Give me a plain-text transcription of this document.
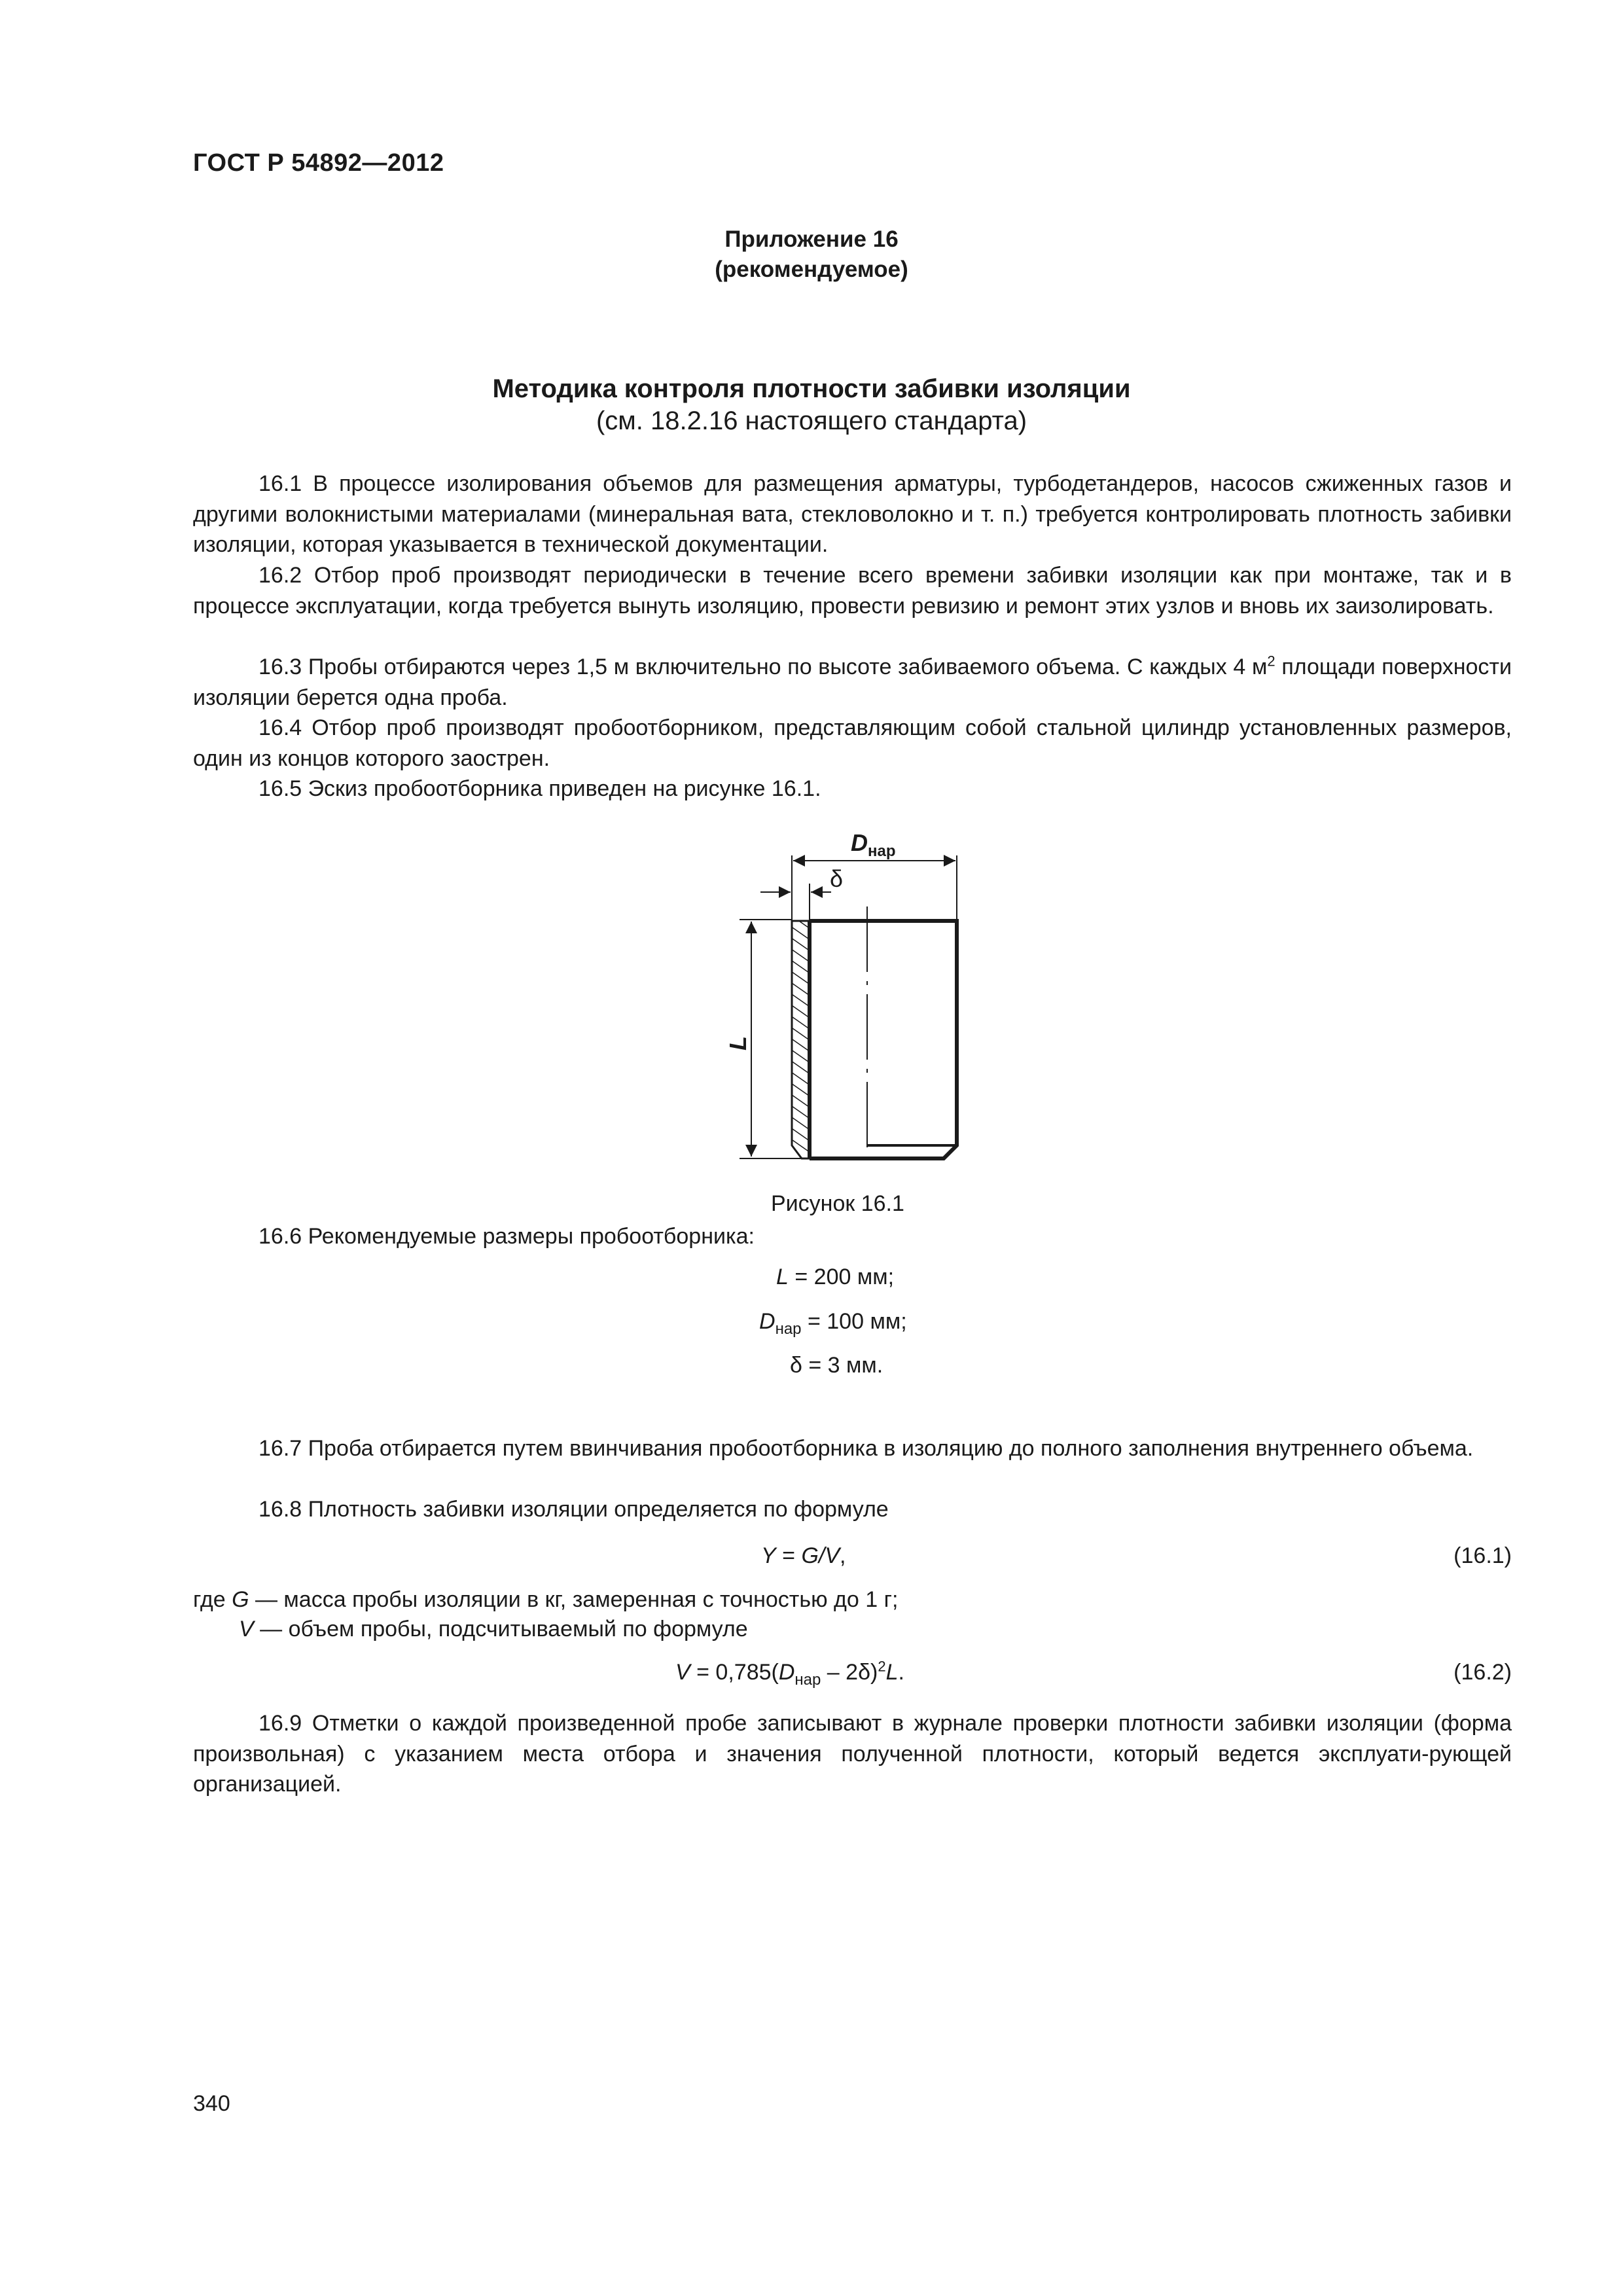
ГОСТ Р 54892—2012
Приложение 16
(рекомендуемое)
Методика контроля плотности забивки изоляции
(см. 18.2.16 настоящего стандарта)
16.1 В процессе изолирования объемов для размещения арматуры, турбодетандеров, насосов сжиженных газов и другими волокнистыми материалами (минеральная вата, стекловолокно и т. п.) требуется контролировать плотность забивки изоляции, которая указывается в технической документации.
16.2 Отбор проб производят периодически в течение всего времени забивки изоляции как при монтаже, так и в процессе эксплуатации, когда требуется вынуть изоляцию, провести ревизию и ремонт этих узлов и вновь их заизолировать.
16.3 Пробы отбираются через 1,5 м включительно по высоте забиваемого объема. С каждых 4 $м^2$ площади поверхности изоляции берется одна проба.
16.4 Отбор проб производят пробоотборником, представляющим собой стальной цилиндр установленных размеров, один из концов которого заострен.
16.5 Эскиз пробоотборника приведен на рисунке 16.1.
$D_{нар}$
δ
L
Рисунок 16.1
16.6 Рекомендуемые размеры пробоотборника:
L = 200 мм;
$D_{нар} = 100$ мм;
δ = 3 мм.
16.7 Проба отбирается путем ввинчивания пробоотборника в изоляцию до полного заполнения внутреннего объема.
16.8 Плотность забивки изоляции определяется по формуле
Y = G/V,	(16.1)
где G — масса пробы изоляции в кг, замеренная с точностью до 1 г;
V — объем пробы, подсчитываемый по формуле
$V = 0,785(D_{нар} - 2\delta)^2L$.	(16.2)
16.9 Отметки о каждой произведенной пробе записывают в журнале проверки плотности забивки изоляции (форма произвольная) с указанием места отбора и значения полученной плотности, который ведется эксплуати-рующей организацией.
340
